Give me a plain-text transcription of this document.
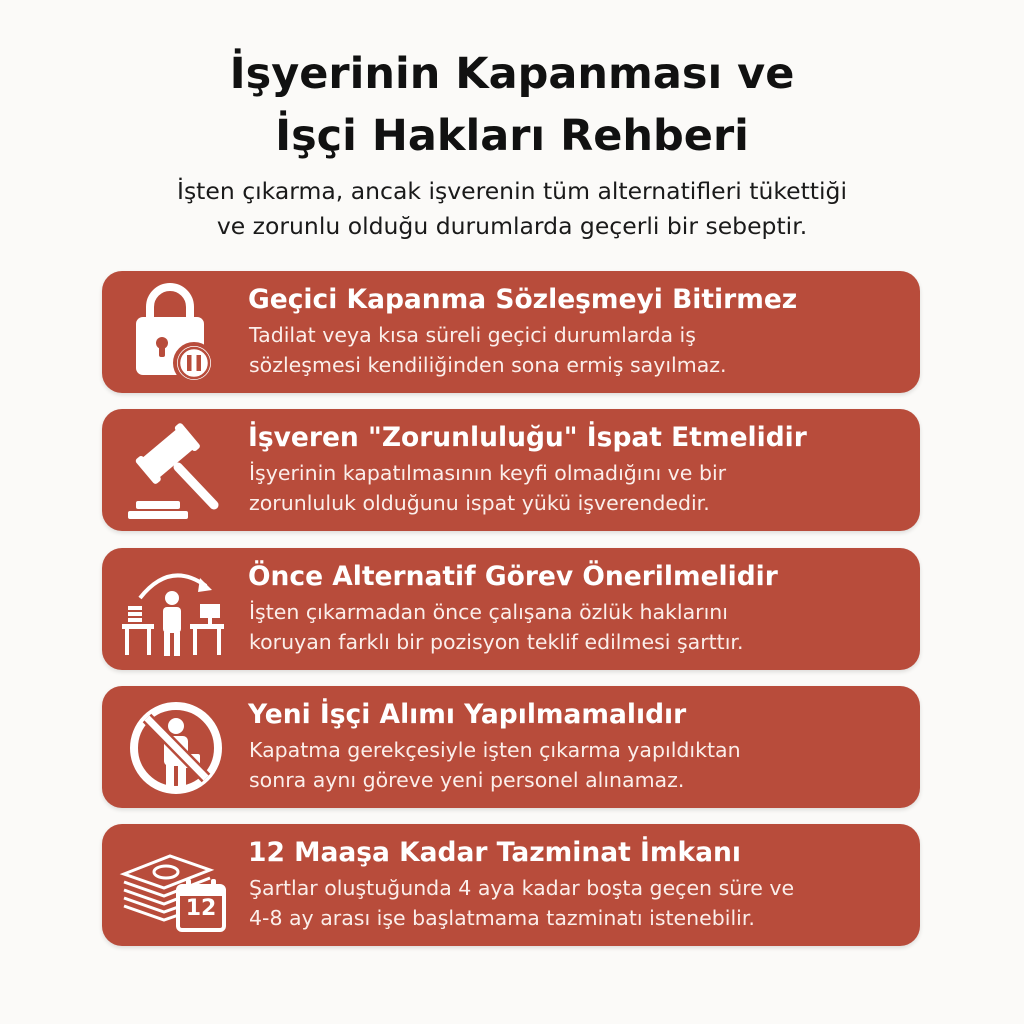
İşyerinin Kapanması ve
İşçi Hakları Rehberi
İşten çıkarma, ancak işverenin tüm alternatifleri tükettiği
ve zorunlu olduğu durumlarda geçerli bir sebeptir.
Geçici Kapanma Sözleşmeyi Bitirmez
Tadilat veya kısa süreli geçici durumlarda iş
sözleşmesi kendiliğinden sona ermiş sayılmaz.
İşveren "Zorunluluğu" İspat Etmelidir
İşyerinin kapatılmasının keyfi olmadığını ve bir
zorunluluk olduğunu ispat yükü işverendedir.
Önce Alternatif Görev Önerilmelidir
İşten çıkarmadan önce çalışana özlük haklarını
koruyan farklı bir pozisyon teklif edilmesi şarttır.
Yeni İşçi Alımı Yapılmamalıdır
Kapatma gerekçesiyle işten çıkarma yapıldıktan
sonra aynı göreve yeni personel alınamaz.
12
12 Maaşa Kadar Tazminat İmkanı
Şartlar oluştuğunda 4 aya kadar boşta geçen süre ve
4-8 ay arası işe başlatmama tazminatı istenebilir.
